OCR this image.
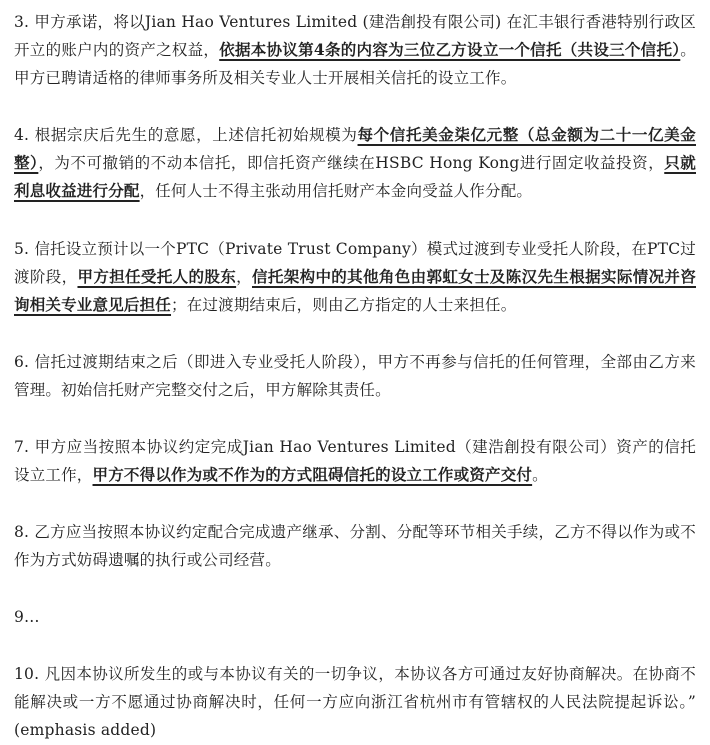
3. 甲方承诺，将以Jian Hao Ventures Limited (建浩創投有限公司) 在汇丰银行香港特别行政区开立的账户内的资产之权益，依据本协议第4条的内容为三位乙方设立一个信托（共设三个信托）。甲方已聘请适格的律师事务所及相关专业人士开展相关信托的设立工作。

4. 根据宗庆后先生的意愿，上述信托初始规模为每个信托美金柒亿元整（总金额为二十一亿美金整），为不可撤销的不动本信托，即信托资产继续在HSBC Hong Kong进行固定收益投资，只就利息收益进行分配，任何人士不得主张动用信托财产本金向受益人作分配。

5. 信托设立预计以一个PTC（Private Trust Company）模式过渡到专业受托人阶段，在PTC过渡阶段，甲方担任受托人的股东，信托架构中的其他角色由郭虹女士及陈汉先生根据实际情况并咨询相关专业意见后担任；在过渡期结束后，则由乙方指定的人士来担任。

6. 信托过渡期结束之后（即进入专业受托人阶段），甲方不再参与信托的任何管理，全部由乙方来管理。初始信托财产完整交付之后，甲方解除其责任。

7. 甲方应当按照本协议约定完成Jian Hao Ventures Limited（建浩創投有限公司）资产的信托设立工作，甲方不得以作为或不作为的方式阻碍信托的设立工作或资产交付。

8. 乙方应当按照本协议约定配合完成遗产继承、分割、分配等环节相关手续，乙方不得以作为或不作为方式妨碍遗嘱的执行或公司经营。

9…

10. 凡因本协议所发生的或与本协议有关的一切争议，本协议各方可通过友好协商解决。在协商不能解决或一方不愿通过协商解决时，任何一方应向浙江省杭州市有管辖权的人民法院提起诉讼。” (emphasis added)
